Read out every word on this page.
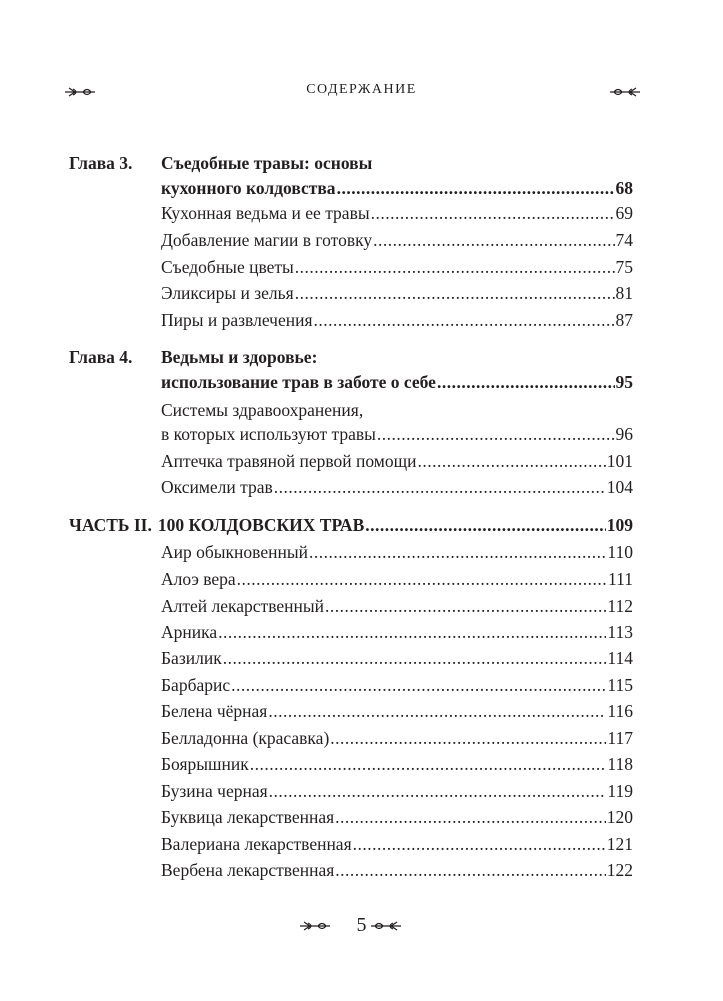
СОДЕРЖАНИЕ
Глава 3. Съедобные травы: основы
кухонного колдовства .....	68
Кухонная ведьма и ее травы .....	69
Добавление магии в готовку .....	74
Съедобные цветы .....	75
Эликсиры и зелья .....	81
Пиры и развлечения .....	87
Глава 4. Ведьмы и здоровье:
использование трав в заботе о себе .....	95
Системы здравоохранения,
в которых используют травы .....	96
Аптечка травяной первой помощи .....	101
Оксимели трав .....	104
ЧАСТЬ II. 100 КОЛДОВСКИХ ТРАВ .....	109
Аир обыкновенный .....	110
Алоэ вера .....	111
Алтей лекарственный .....	112
Арника .....	113
Базилик .....	114
Барбарис .....	115
Белена чёрная .....	116
Белладонна (красавка) .....	117
Боярышник .....	118
Бузина черная .....	119
Буквица лекарственная .....	120
Валериана лекарственная .....	121
Вербена лекарственная .....	122
5
